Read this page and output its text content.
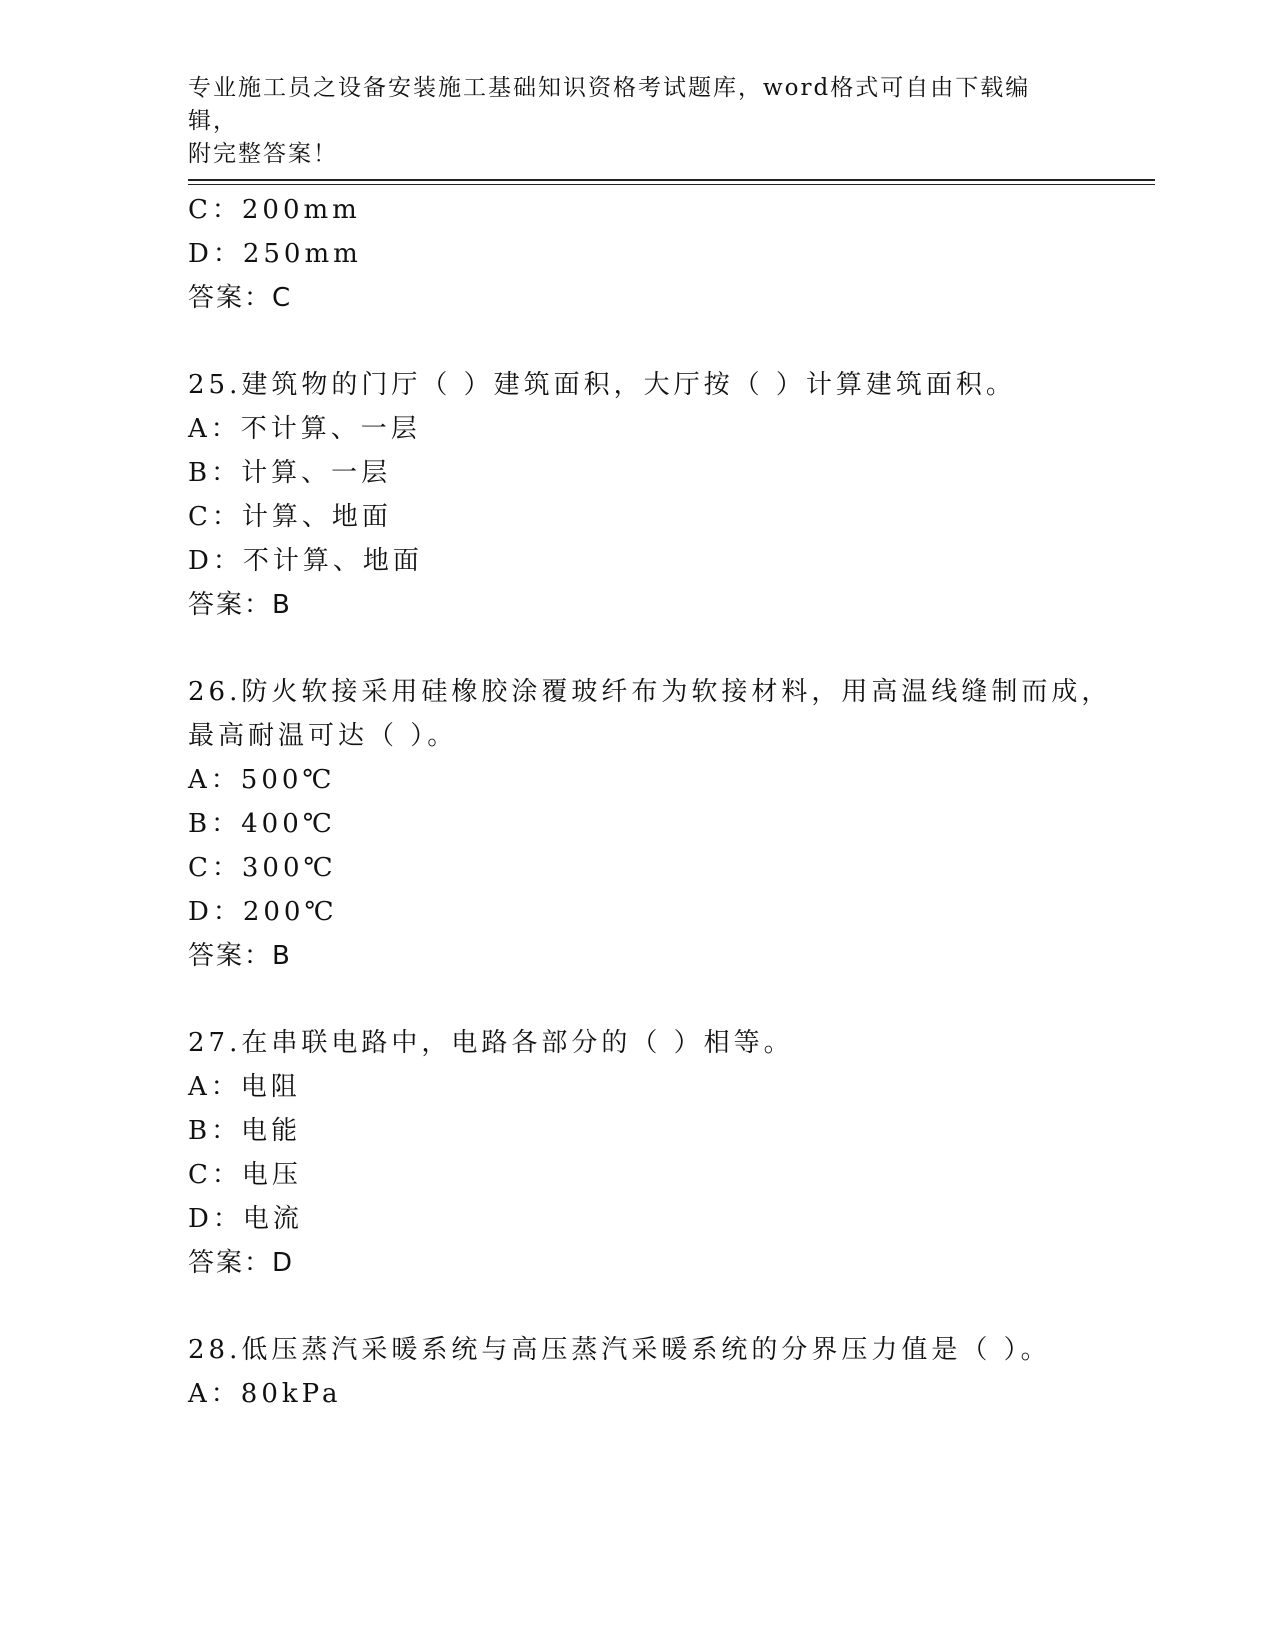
专业施工员之设备安装施工基础知识资格考试题库，word格式可自由下载编辑，
附完整答案！
C：200mm
D：250mm
答案：C
25.建筑物的门厅（ ）建筑面积，大厅按（ ）计算建筑面积。
A：不计算、一层
B：计算、一层
C：计算、地面
D：不计算、地面
答案：B
26.防火软接采用硅橡胶涂覆玻纤布为软接材料，用高温线缝制而成，
最高耐温可达（ ）。
A：500℃
B：400℃
C：300℃
D：200℃
答案：B
27.在串联电路中，电路各部分的（ ）相等。
A：电阻
B：电能
C：电压
D：电流
答案：D
28.低压蒸汽采暖系统与高压蒸汽采暖系统的分界压力值是（ ）。
A：80kPa
